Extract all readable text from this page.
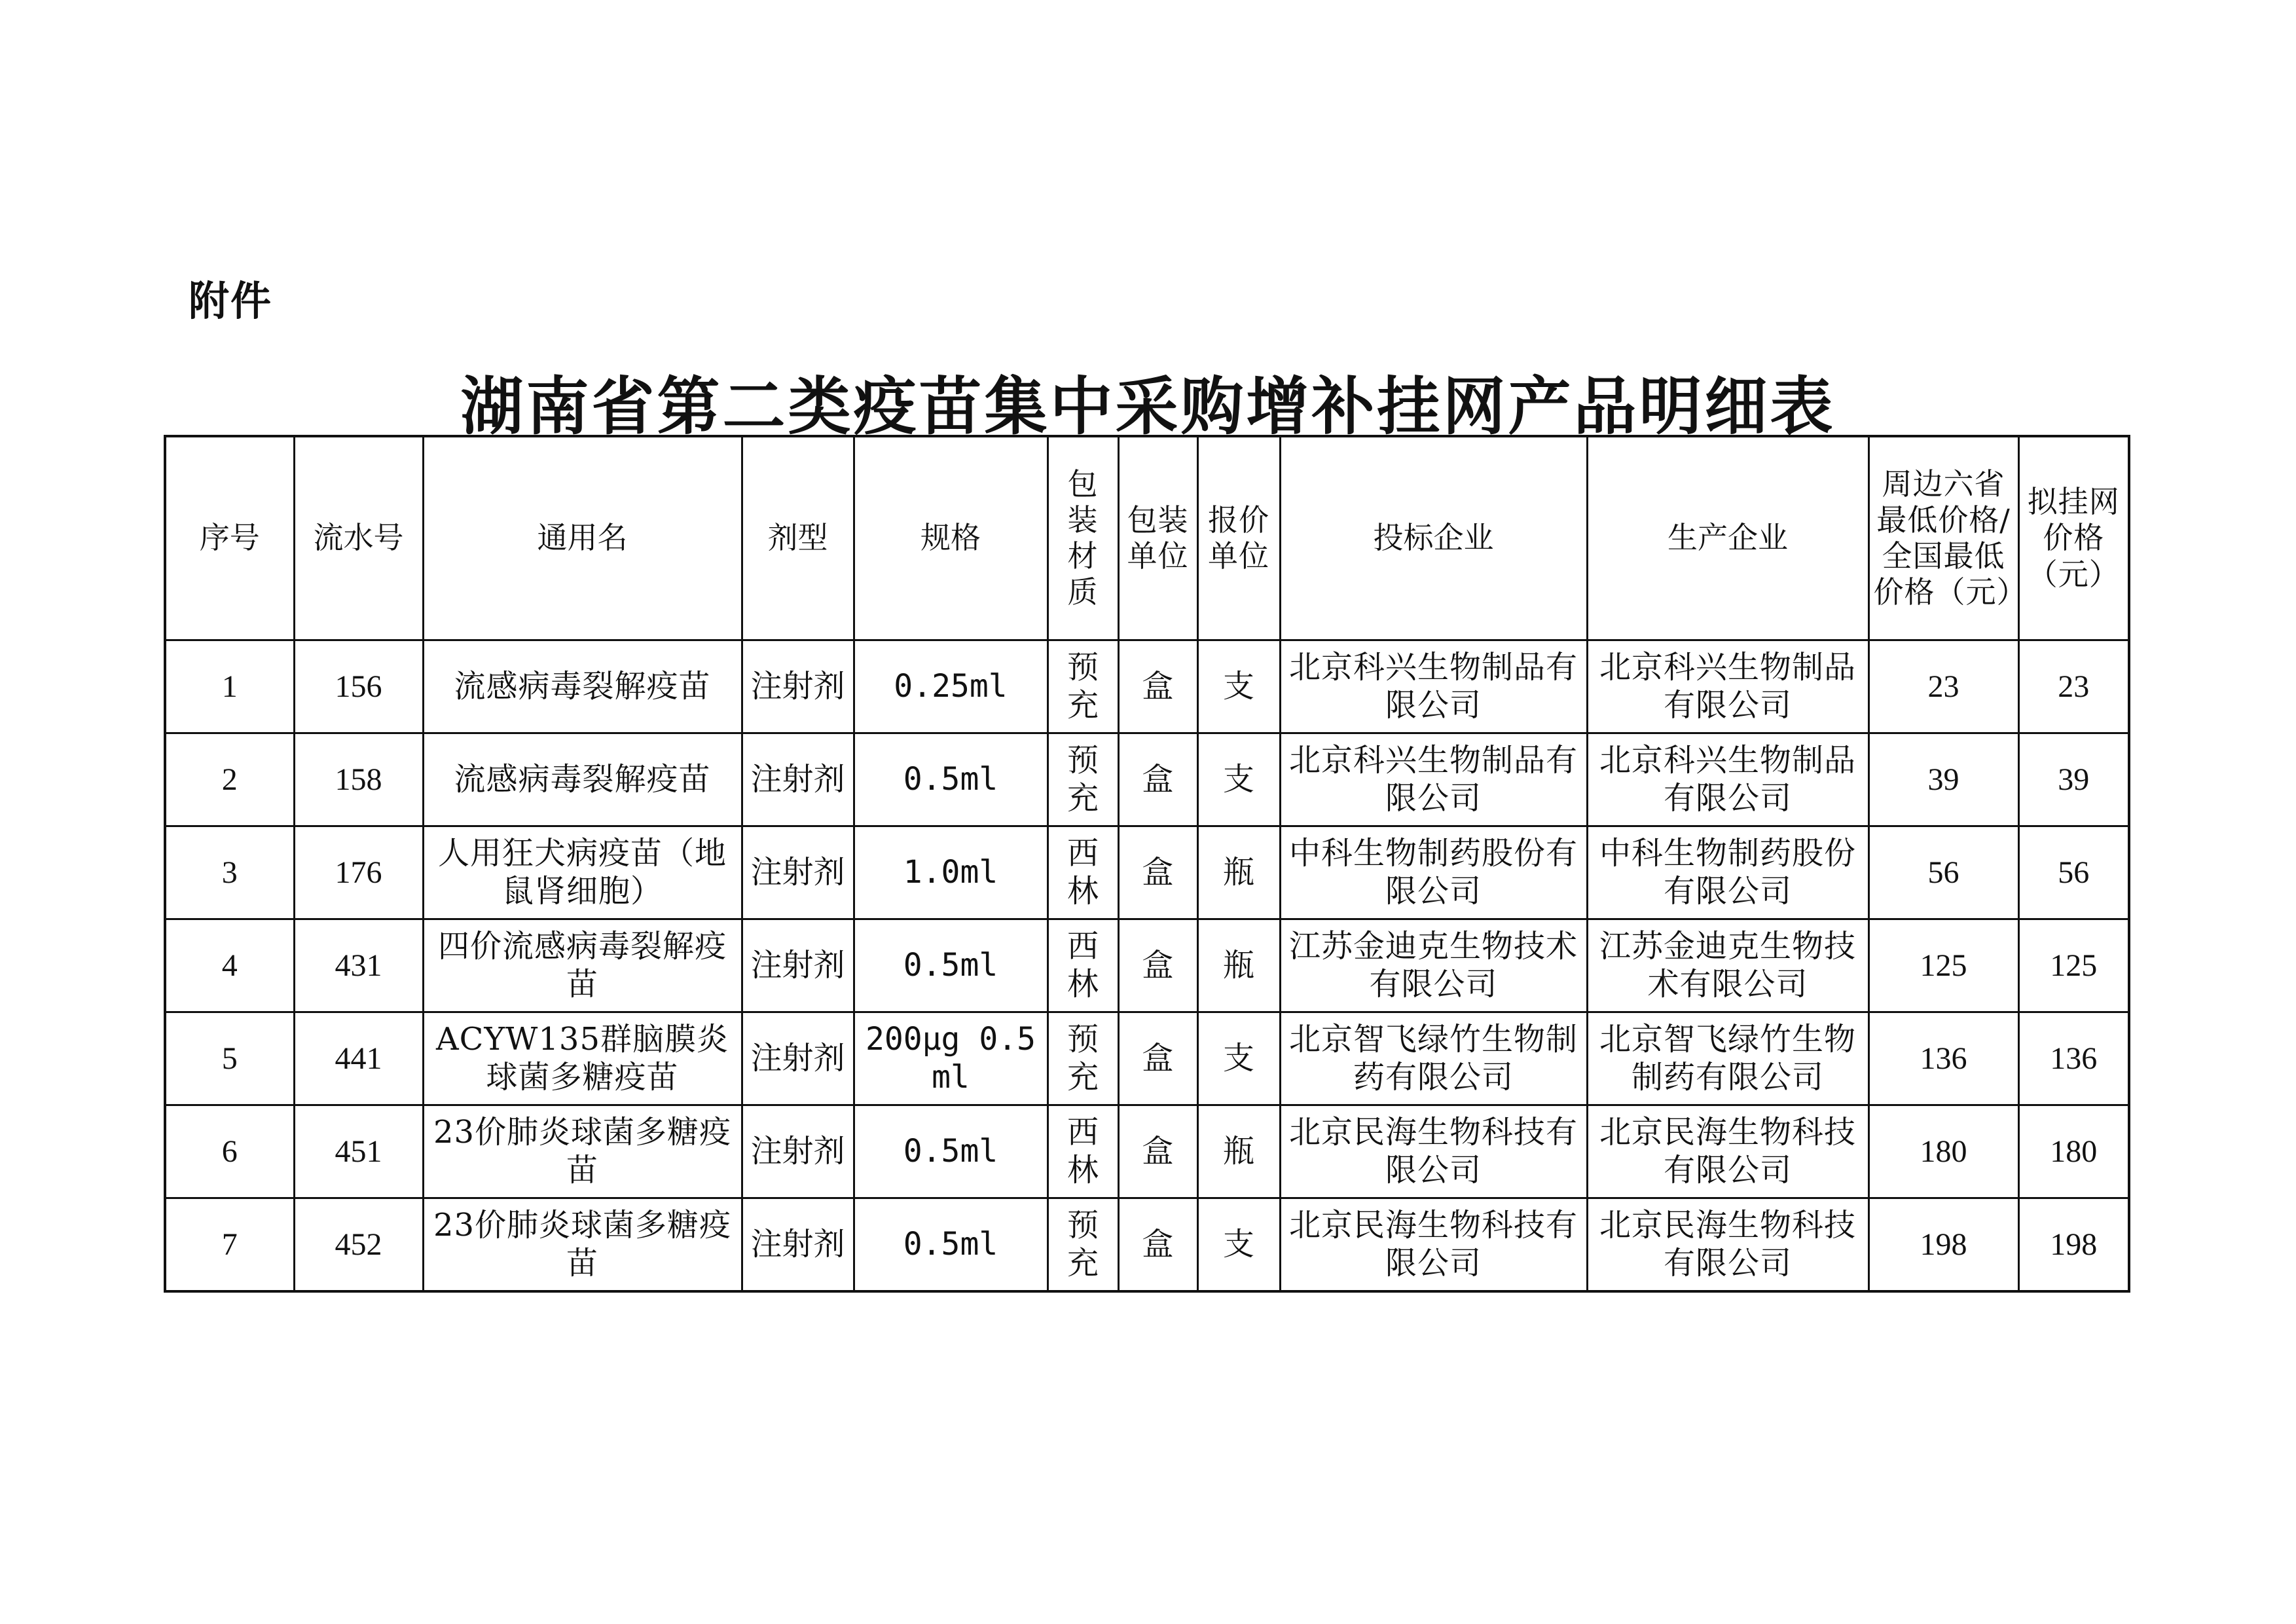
附件
湖南省第二类疫苗集中采购增补挂网产品明细表
序号	流水号	通用名	剂型	规格	包装材质	包装单位	报价单位	投标企业	生产企业	周边六省最低价格/全国最低价格（元）	拟挂网价格（元）
1	156	流感病毒裂解疫苗	注射剂	0.25ml	预充	盒	支	北京科兴生物制品有限公司	北京科兴生物制品有限公司	23	23
2	158	流感病毒裂解疫苗	注射剂	0.5ml	预充	盒	支	北京科兴生物制品有限公司	北京科兴生物制品有限公司	39	39
3	176	人用狂犬病疫苗（地鼠肾细胞）	注射剂	1.0ml	西林	盒	瓶	中科生物制药股份有限公司	中科生物制药股份有限公司	56	56
4	431	四价流感病毒裂解疫苗	注射剂	0.5ml	西林	盒	瓶	江苏金迪克生物技术有限公司	江苏金迪克生物技术有限公司	125	125
5	441	ACYW135群脑膜炎球菌多糖疫苗	注射剂	200μg 0.5ml	预充	盒	支	北京智飞绿竹生物制药有限公司	北京智飞绿竹生物制药有限公司	136	136
6	451	23价肺炎球菌多糖疫苗	注射剂	0.5ml	西林	盒	瓶	北京民海生物科技有限公司	北京民海生物科技有限公司	180	180
7	452	23价肺炎球菌多糖疫苗	注射剂	0.5ml	预充	盒	支	北京民海生物科技有限公司	北京民海生物科技有限公司	198	198
